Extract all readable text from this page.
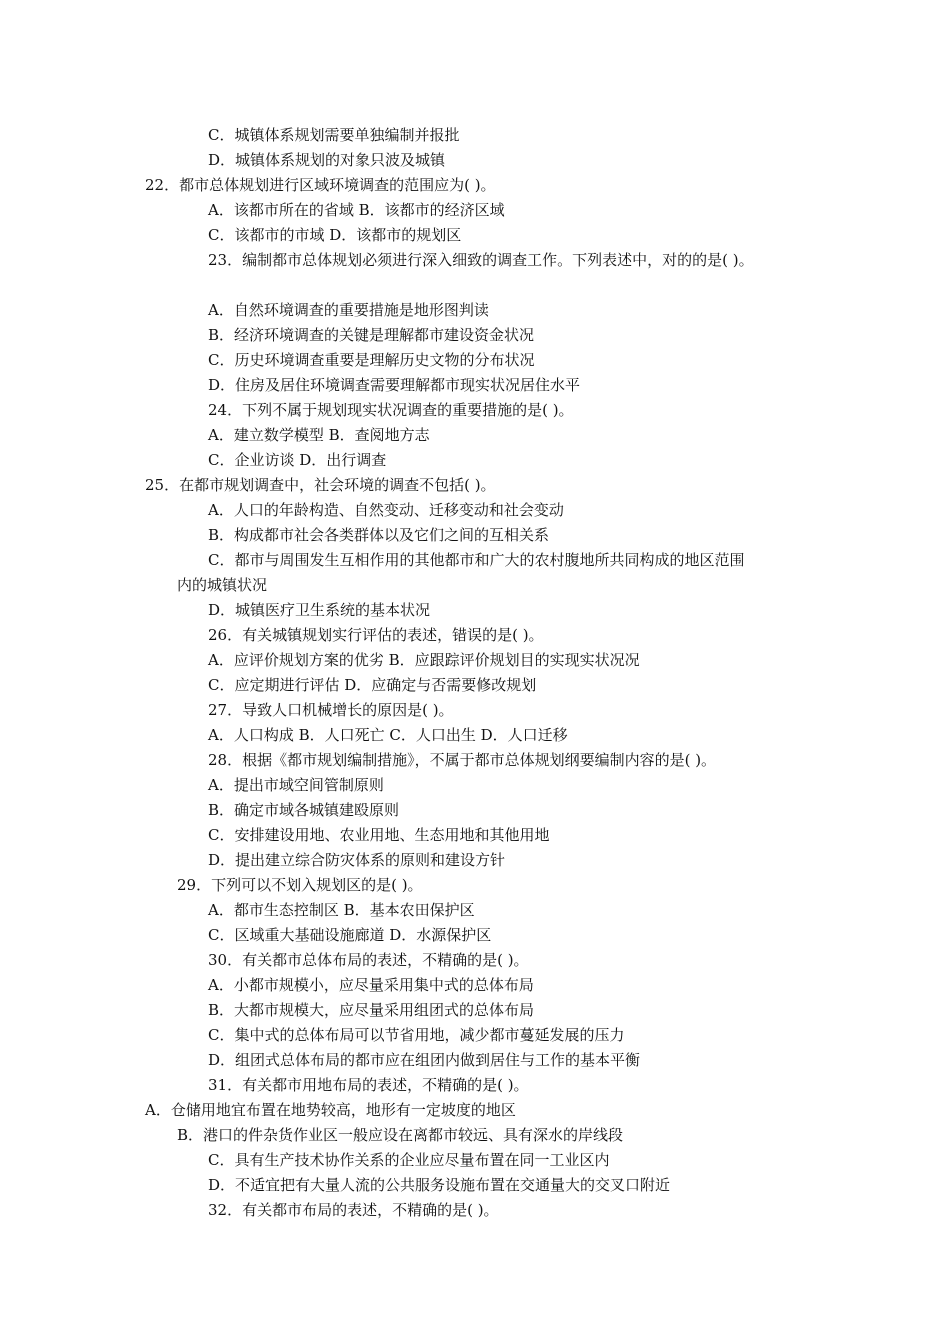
C．城镇体系规划需要单独编制并报批
D．城镇体系规划的对象只波及城镇
22．都市总体规划进行区域环境调查的范围应为( )。
A．该都市所在的省域 B．该都市的经济区域
C．该都市的市域 D．该都市的规划区
23．编制都市总体规划必须进行深入细致的调查工作。下列表述中，对的的是( )。
A．自然环境调查的重要措施是地形图判读
B．经济环境调查的关键是理解都市建设资金状况
C．历史环境调查重要是理解历史文物的分布状况
D．住房及居住环境调查需要理解都市现实状况居住水平
24．下列不属于规划现实状况调查的重要措施的是( )。
A．建立数学模型 B．查阅地方志
C．企业访谈 D．出行调查
25．在都市规划调查中，社会环境的调查不包括( )。
A．人口的年龄构造、自然变动、迁移变动和社会变动
B．构成都市社会各类群体以及它们之间的互相关系
C．都市与周围发生互相作用的其他都市和广大的农村腹地所共同构成的地区范围
内的城镇状况
D．城镇医疗卫生系统的基本状况
26．有关城镇规划实行评估的表述，错误的是( )。
A．应评价规划方案的优劣 B．应跟踪评价规划目的实现实状况况
C．应定期进行评估 D．应确定与否需要修改规划
27．导致人口机械增长的原因是( )。
A．人口构成 B．人口死亡 C．人口出生 D．人口迁移
28．根据《都市规划编制措施》，不属于都市总体规划纲要编制内容的是( )。
A．提出市域空间管制原则
B．确定市域各城镇建殴原则
C．安排建设用地、农业用地、生态用地和其他用地
D．提出建立综合防灾体系的原则和建设方针
29．下列可以不划入规划区的是( )。
A．都市生态控制区 B．基本农田保护区
C．区域重大基础设施廊道 D．水源保护区
30．有关都市总体布局的表述，不精确的是( )。
A．小都市规模小，应尽量采用集中式的总体布局
B．大都市规模大，应尽量采用组团式的总体布局
C．集中式的总体布局可以节省用地，减少都市蔓延发展的压力
D．组团式总体布局的都市应在组团内做到居住与工作的基本平衡
31．有关都市用地布局的表述，不精确的是( )。
A．仓储用地宜布置在地势较高，地形有一定坡度的地区
B．港口的件杂货作业区一般应设在离都市较远、具有深水的岸线段
C．具有生产技术协作关系的企业应尽量布置在同一工业区内
D．不适宜把有大量人流的公共服务设施布置在交通量大的交叉口附近
32．有关都市布局的表述，不精确的是( )。
